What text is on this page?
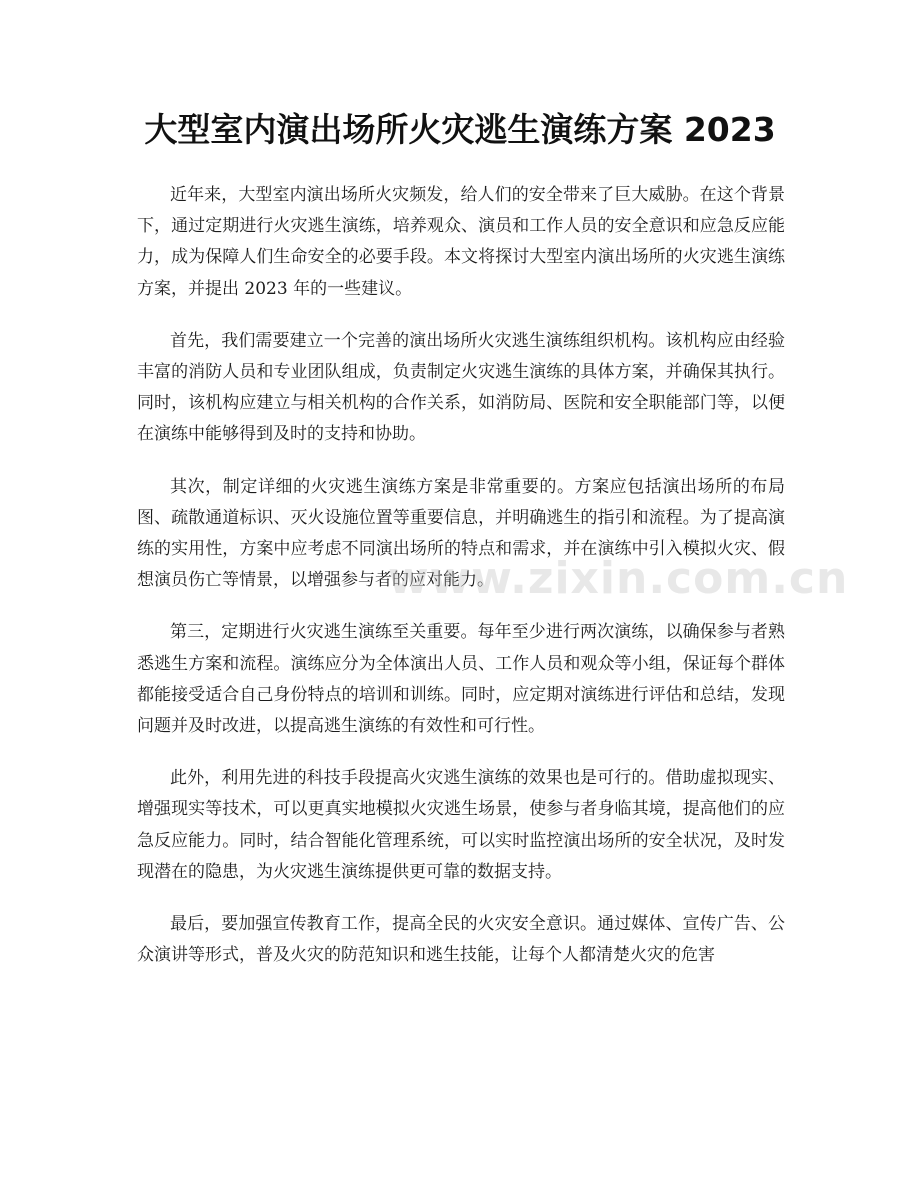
大型室内演出场所火灾逃生演练方案 2023

近年来，大型室内演出场所火灾频发，给人们的安全带来了巨大威胁。在这个背景下，通过定期进行火灾逃生演练，培养观众、演员和工作人员的安全意识和应急反应能力，成为保障人们生命安全的必要手段。本文将探讨大型室内演出场所的火灾逃生演练方案，并提出 2023 年的一些建议。

首先，我们需要建立一个完善的演出场所火灾逃生演练组织机构。该机构应由经验丰富的消防人员和专业团队组成，负责制定火灾逃生演练的具体方案，并确保其执行。同时，该机构应建立与相关机构的合作关系，如消防局、医院和安全职能部门等，以便在演练中能够得到及时的支持和协助。

其次，制定详细的火灾逃生演练方案是非常重要的。方案应包括演出场所的布局图、疏散通道标识、灭火设施位置等重要信息，并明确逃生的指引和流程。为了提高演练的实用性，方案中应考虑不同演出场所的特点和需求，并在演练中引入模拟火灾、假想演员伤亡等情景，以增强参与者的应对能力。

第三，定期进行火灾逃生演练至关重要。每年至少进行两次演练，以确保参与者熟悉逃生方案和流程。演练应分为全体演出人员、工作人员和观众等小组，保证每个群体都能接受适合自己身份特点的培训和训练。同时，应定期对演练进行评估和总结，发现问题并及时改进，以提高逃生演练的有效性和可行性。

此外，利用先进的科技手段提高火灾逃生演练的效果也是可行的。借助虚拟现实、增强现实等技术，可以更真实地模拟火灾逃生场景，使参与者身临其境，提高他们的应急反应能力。同时，结合智能化管理系统，可以实时监控演出场所的安全状况，及时发现潜在的隐患，为火灾逃生演练提供更可靠的数据支持。

最后，要加强宣传教育工作，提高全民的火灾安全意识。通过媒体、宣传广告、公众演讲等形式，普及火灾的防范知识和逃生技能，让每个人都清楚火灾的危害

www.zixin.com.cn
